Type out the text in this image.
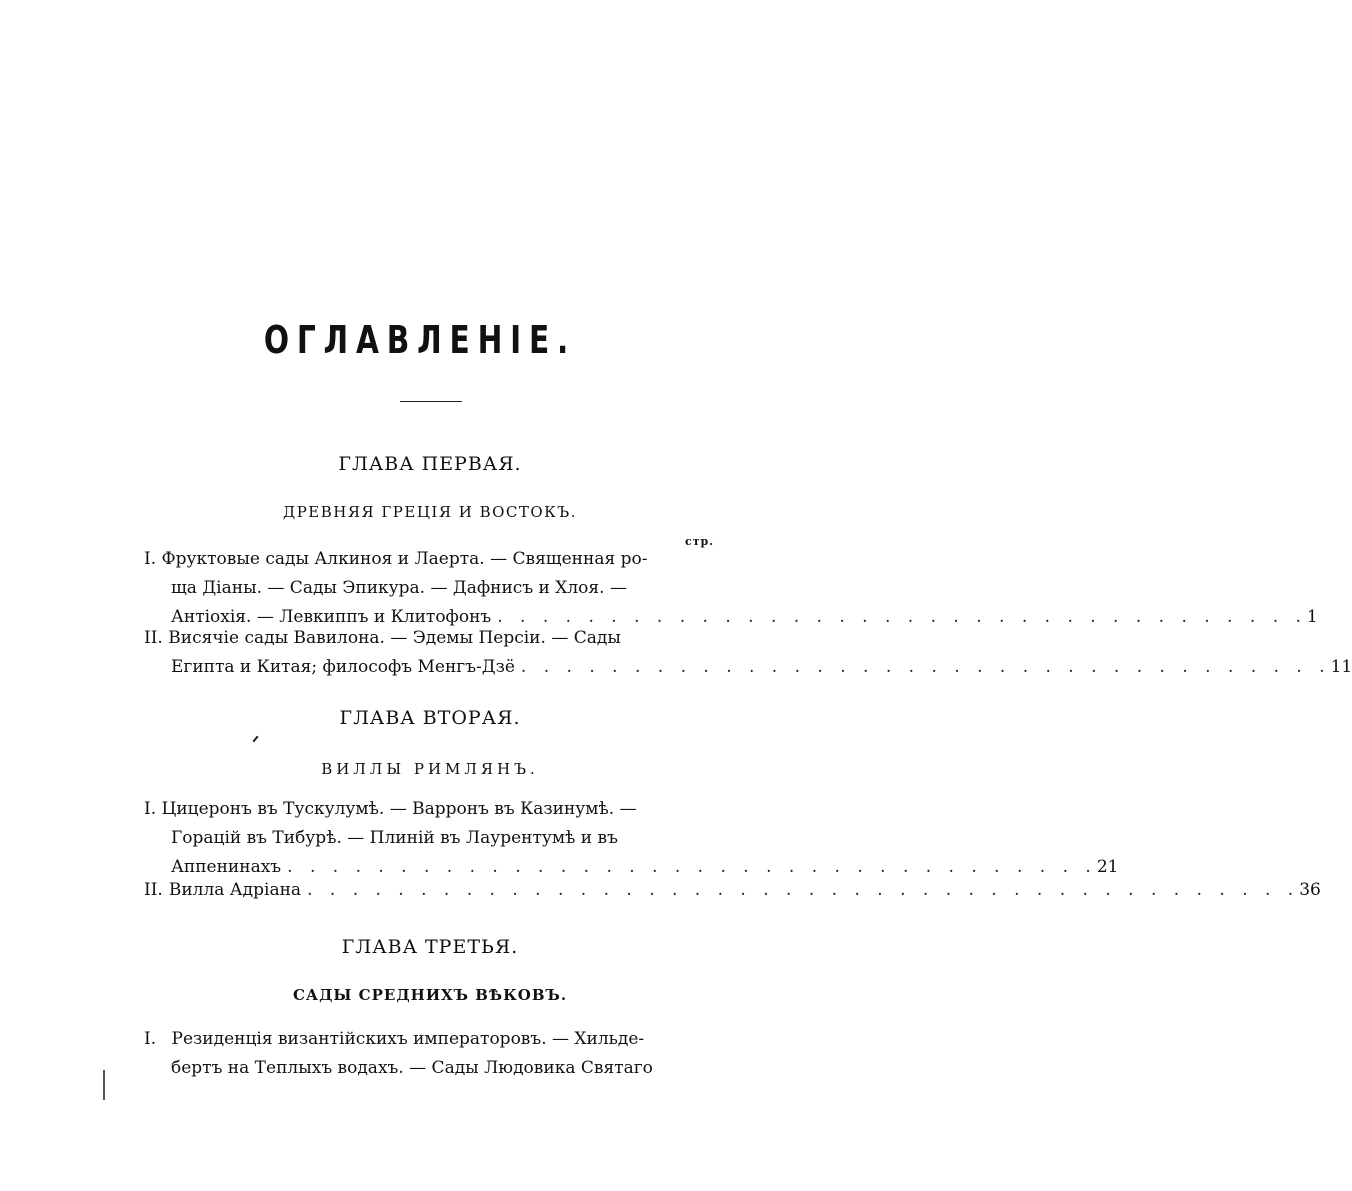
ОГЛАВЛЕНІЕ.
ГЛАВА ПЕРВАЯ.
ДРЕВНЯЯ ГРЕЦІЯ И ВОСТОКЪ.
стр.
I. Фруктовые сады Алкиноя и Лаерта. — Священная ро-
ща Діаны. — Сады Эпикура. — Дафнисъ и Хлоя. —
Антіохія. — Левкиппъ и Клитофонъ . . . . . . . . . . . . . . . . . . . . . . . . . . . . . . . . . . . . 1
II. Висячіе сады Вавилона. — Эдемы Персіи. — Сады
Египта и Китая; философъ Менгъ-Дзё . . . . . . . . . . . . . . . . . . . . . . . . . . . . . . . . . . . . 11
ГЛАВА ВТОРАЯ.
ВИЛЛЫ РИМЛЯНЪ.
I. Цицеронъ въ Тускулумѣ. — Варронъ въ Казинумѣ. —
Горацій въ Тибурѣ. — Плиній въ Лаурентумѣ и въ
Аппенинахъ . . . . . . . . . . . . . . . . . . . . . . . . . . . . . . . . . . . . 21
II. Вилла Адріана . . . . . . . . . . . . . . . . . . . . . . . . . . . . . . . . . . . . . . . . . . . . 36
ГЛАВА ТРЕТЬЯ.
САДЫ СРЕДНИХЪ ВѢКОВЪ.
I. Резиденція византійскихъ императоровъ. — Хильде-
бертъ на Теплыхъ водахъ. — Сады Людовика Святаго
